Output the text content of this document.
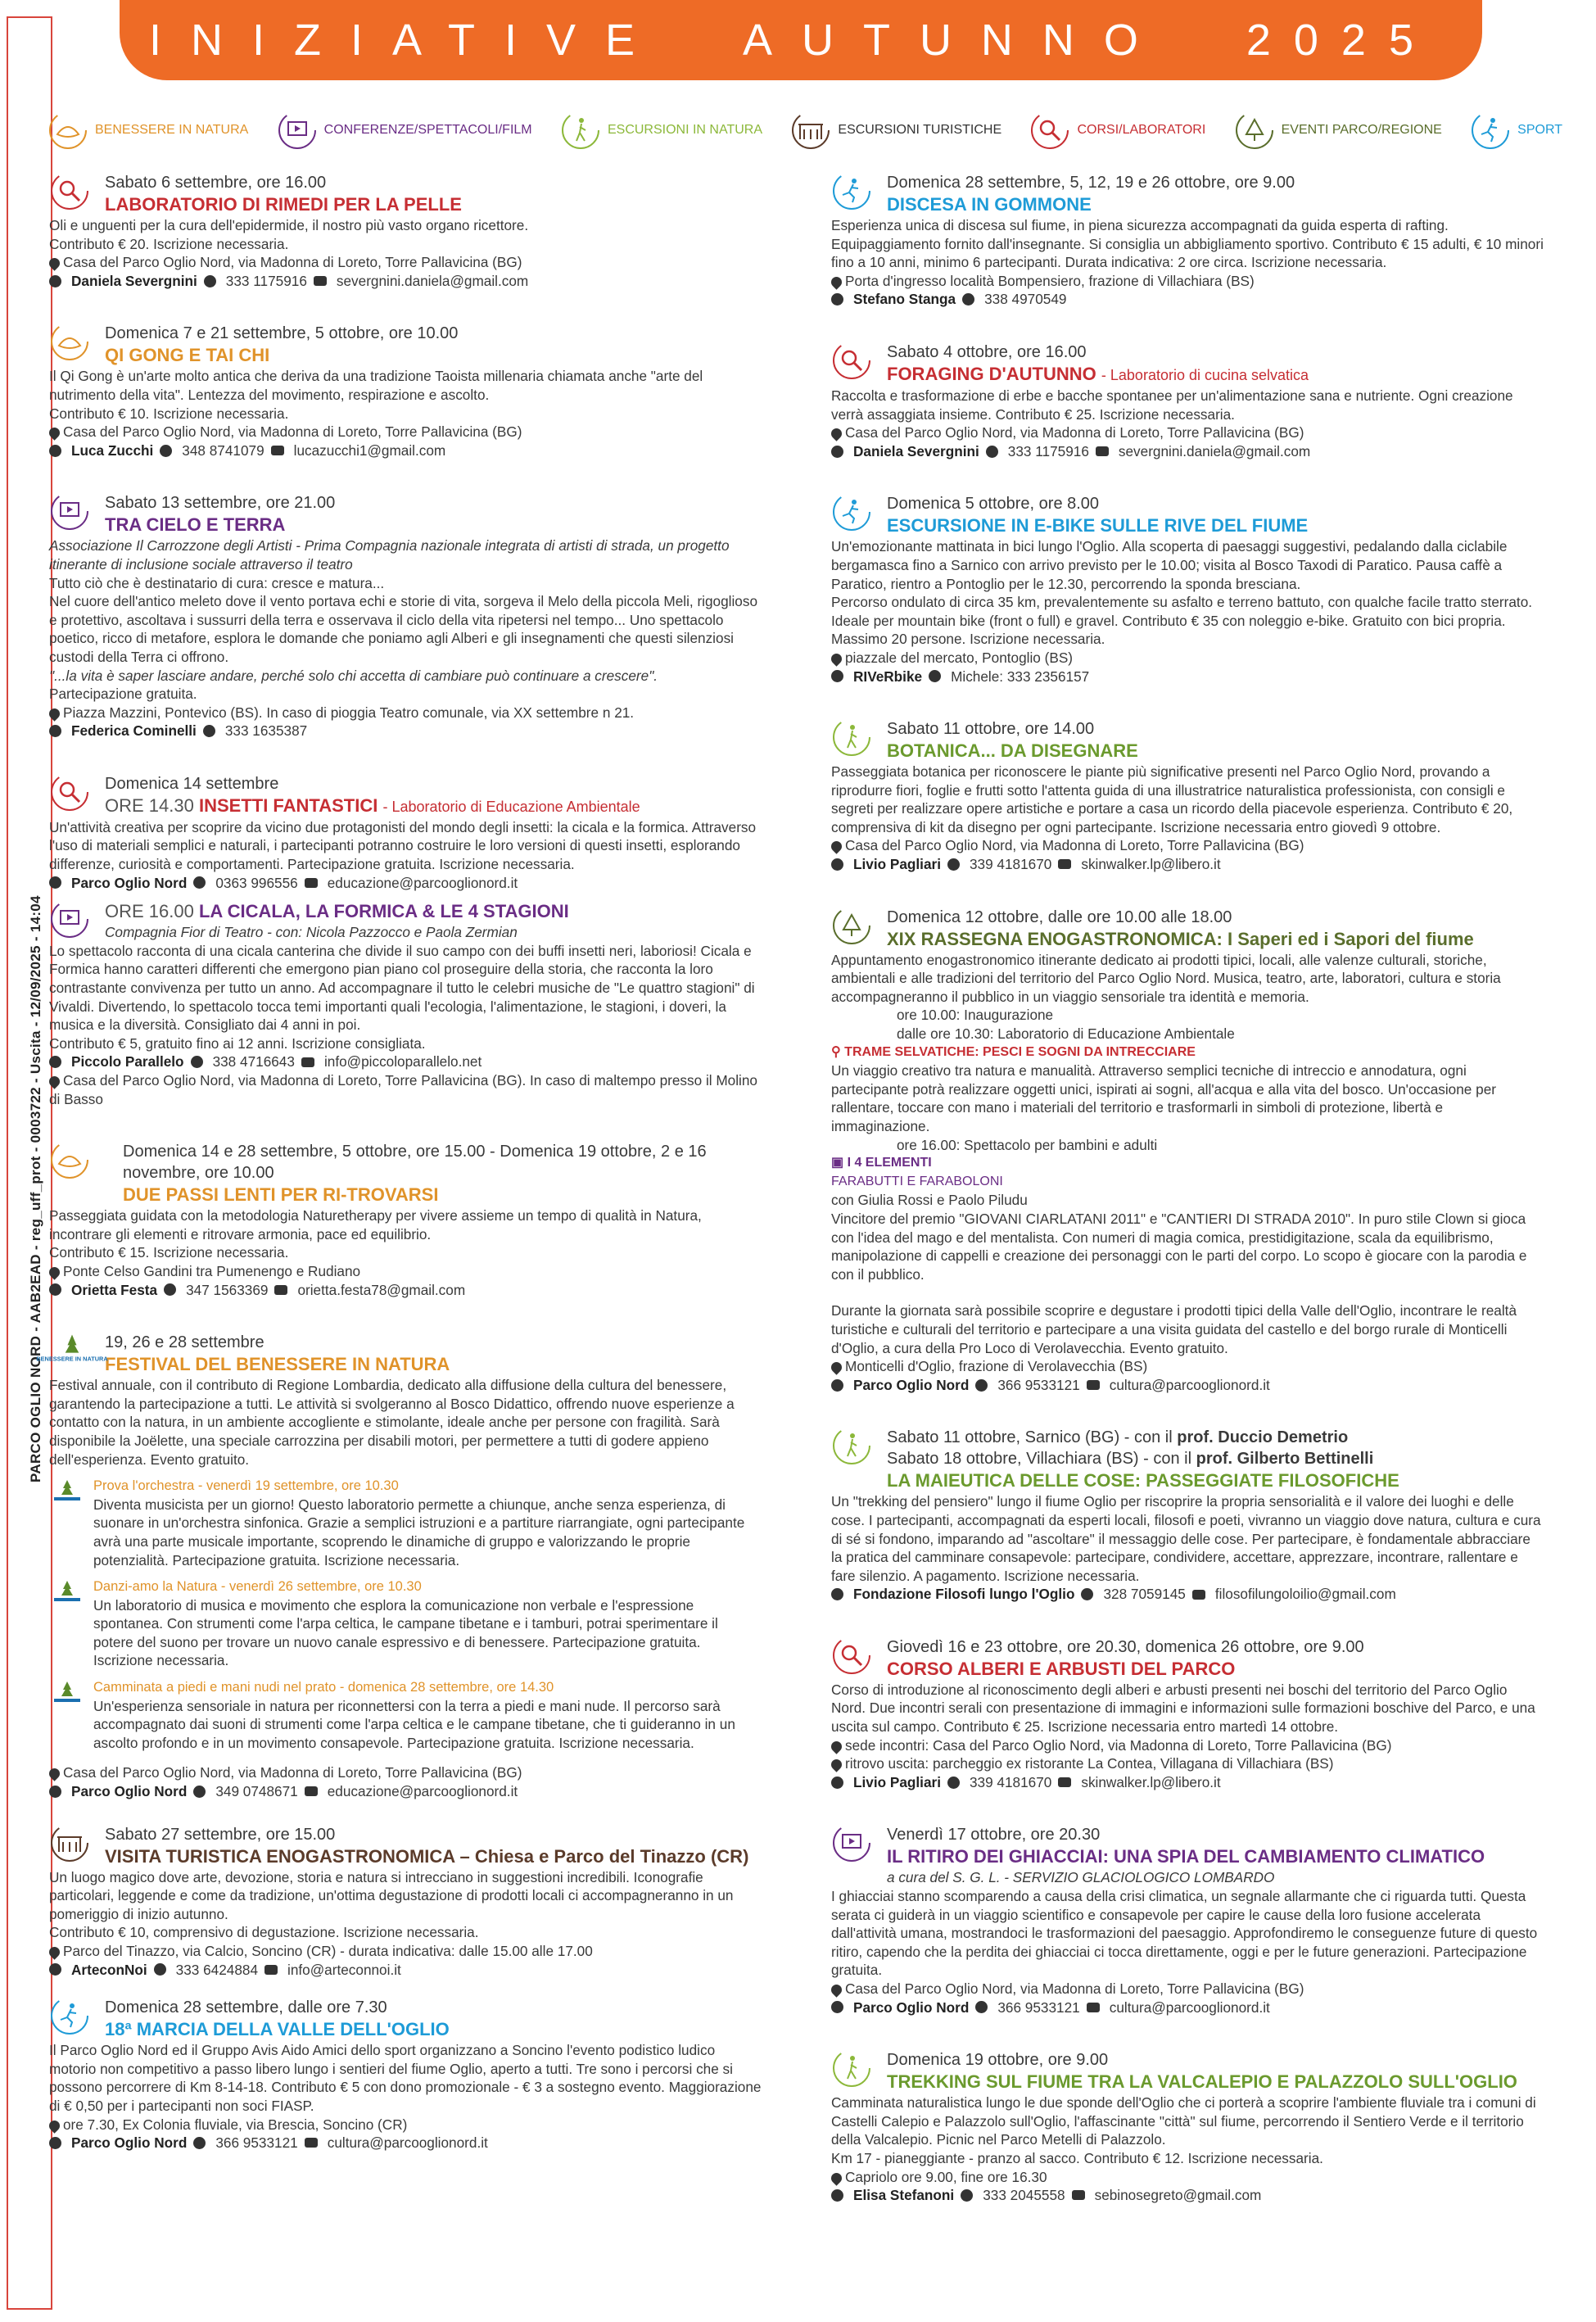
PARCO OGLIO NORD - AAB2EAD - reg_uff_prot - 0003722 - Uscita - 12/09/2025 - 14:04
INIZIATIVE AUTUNNO 2025
BENESSERE IN NATURA	CONFERENZE/SPETTACOLI/FILM	ESCURSIONI IN NATURA	ESCURSIONI TURISTICHE	CORSI/LABORATORI	EVENTI PARCO/REGIONE	SPORT
Sabato 6 settembre, ore 16.00
LABORATORIO DI RIMEDI PER LA PELLE

Oli e unguenti per la cura dell'epidermide, il nostro più vasto organo ricettore.

Contributo € 20. Iscrizione necessaria.

Casa del Parco Oglio Nord, via Madonna di Loreto, Torre Pallavicina (BG)

Daniela Severgnini 333 1175916 severgnini.daniela@gmail.com
Domenica 7 e 21 settembre, 5 ottobre, ore 10.00
QI GONG E TAI CHI

Il Qi Gong è un'arte molto antica che deriva da una tradizione Taoista millenaria chiamata anche "arte del nutrimento della vita". Lentezza del movimento, respirazione e ascolto.

Contributo € 10. Iscrizione necessaria.

Casa del Parco Oglio Nord, via Madonna di Loreto, Torre Pallavicina (BG)

Luca Zucchi 348 8741079 lucazucchi1@gmail.com
Sabato 13 settembre, ore 21.00
TRA CIELO E TERRA

Associazione Il Carrozzone degli Artisti - Prima Compagnia nazionale integrata di artisti di strada, un progetto itinerante di inclusione sociale attraverso il teatro

Tutto ciò che è destinatario di cura: cresce e matura...

Nel cuore dell'antico meleto dove il vento portava echi e storie di vita, sorgeva il Melo della piccola Meli, rigoglioso e protettivo, ascoltava i sussurri della terra e osservava il ciclo della vita ripetersi nel tempo... Uno spettacolo poetico, ricco di metafore, esplora le domande che poniamo agli Alberi e gli insegnamenti che questi silenziosi custodi della Terra ci offrono.

"...la vita è saper lasciare andare, perché solo chi accetta di cambiare può continuare a crescere".

Partecipazione gratuita.

Piazza Mazzini, Pontevico (BS). In caso di pioggia Teatro comunale, via XX settembre n 21.

Federica Cominelli 333 1635387
Domenica 14 settembre
ORE 14.30 INSETTI FANTASTICI - Laboratorio di Educazione Ambientale

Un'attività creativa per scoprire da vicino due protagonisti del mondo degli insetti: la cicala e la formica. Attraverso l'uso di materiali semplici e naturali, i partecipanti potranno costruire le loro versioni di questi insetti, esplorando differenze, curiosità e comportamenti. Partecipazione gratuita. Iscrizione necessaria.

Parco Oglio Nord 0363 996556 educazione@parcooglionord.it
ORE 16.00 LA CICALA, LA FORMICA & LE 4 STAGIONI

Compagnia Fior di Teatro - con: Nicola Pazzocco e Paola Zermian

Lo spettacolo racconta di una cicala canterina che divide il suo campo con dei buffi insetti neri, laboriosi! Cicala e Formica hanno caratteri differenti che emergono pian piano col proseguire della storia, che racconta la loro contrastante convivenza per tutto un anno. Ad accompagnare il tutto le celebri musiche de "Le quattro stagioni" di Vivaldi. Divertendo, lo spettacolo tocca temi importanti quali l'ecologia, l'alimentazione, le stagioni, i doveri, la musica e la diversità. Consigliato dai 4 anni in poi.

Contributo € 5, gratuito fino ai 12 anni. Iscrizione consigliata.

Piccolo Parallelo 338 4716643 info@piccoloparallelo.net

Casa del Parco Oglio Nord, via Madonna di Loreto, Torre Pallavicina (BG). In caso di maltempo presso il Molino di Basso

Domenica 14 e 28 settembre, 5 ottobre, ore 15.00 - Domenica 19 ottobre, 2 e 16 novembre, ore 10.00
DUE PASSI LENTI PER RI-TROVARSI

Passeggiata guidata con la metodologia Naturetherapy per vivere assieme un tempo di qualità in Natura, incontrare gli elementi e ritrovare armonia, pace ed equilibrio.

Contributo € 15. Iscrizione necessaria.

Ponte Celso Gandini tra Pumenengo e Rudiano

Orietta Festa 347 1563369 orietta.festa78@gmail.com
BENESSERE IN NATURA
19, 26 e 28 settembre
FESTIVAL DEL BENESSERE IN NATURA

Festival annuale, con il contributo di Regione Lombardia, dedicato alla diffusione della cultura del benessere, garantendo la partecipazione a tutti. Le attività si svolgeranno al Bosco Didattico, offrendo nuove esperienze a contatto con la natura, in un ambiente accogliente e stimolante, ideale anche per persone con fragilità. Sarà disponibile la Joëlette, una speciale carrozzina per disabili motori, per permettere a tutti di godere appieno dell'esperienza. Evento gratuito.

Prova l'orchestra - venerdì 19 settembre, ore 10.30

Diventa musicista per un giorno! Questo laboratorio permette a chiunque, anche senza esperienza, di suonare in un'orchestra sinfonica. Grazie a semplici istruzioni e a partiture riarrangiate, ogni partecipante avrà una parte musicale importante, scoprendo le dinamiche di gruppo e valorizzando le proprie potenzialità. Partecipazione gratuita. Iscrizione necessaria.

Danzi-amo la Natura - venerdì 26 settembre, ore 10.30

Un laboratorio di musica e movimento che esplora la comunicazione non verbale e l'espressione spontanea. Con strumenti come l'arpa celtica, le campane tibetane e i tamburi, potrai sperimentare il potere del suono per trovare un nuovo canale espressivo e di benessere. Partecipazione gratuita. Iscrizione necessaria.

Camminata a piedi e mani nudi nel prato - domenica 28 settembre, ore 14.30

Un'esperienza sensoriale in natura per riconnettersi con la terra a piedi e mani nude. Il percorso sarà accompagnato dai suoni di strumenti come l'arpa celtica e le campane tibetane, che ti guideranno in un ascolto profondo e in un movimento consapevole. Partecipazione gratuita. Iscrizione necessaria.

Casa del Parco Oglio Nord, via Madonna di Loreto, Torre Pallavicina (BG)

Parco Oglio Nord 349 0748671 educazione@parcooglionord.it
Sabato 27 settembre, ore 15.00
VISITA TURISTICA ENOGASTRONOMICA – Chiesa e Parco del Tinazzo (CR)

Un luogo magico dove arte, devozione, storia e natura si intrecciano in suggestioni incredibili. Iconografie particolari, leggende e come da tradizione, un'ottima degustazione di prodotti locali ci accompagneranno in un pomeriggio di inizio autunno.

Contributo € 10, comprensivo di degustazione. Iscrizione necessaria.

Parco del Tinazzo, via Calcio, Soncino (CR) - durata indicativa: dalle 15.00 alle 17.00

ArteconNoi 333 6424884 info@arteconnoi.it
Domenica 28 settembre, dalle ore 7.30
18ª MARCIA DELLA VALLE DELL'OGLIO

Il Parco Oglio Nord ed il Gruppo Avis Aido Amici dello sport organizzano a Soncino l'evento podistico ludico motorio non competitivo a passo libero lungo i sentieri del fiume Oglio, aperto a tutti. Tre sono i percorsi che si possono percorrere di Km 8-14-18. Contributo € 5 con dono promozionale - € 3 a sostegno evento. Maggiorazione di € 0,50 per i partecipanti non soci FIASP.

ore 7.30, Ex Colonia fluviale, via Brescia, Soncino (CR)

Parco Oglio Nord 366 9533121 cultura@parcooglionord.it
Domenica 28 settembre, 5, 12, 19 e 26 ottobre, ore 9.00
DISCESA IN GOMMONE

Esperienza unica di discesa sul fiume, in piena sicurezza accompagnati da guida esperta di rafting. Equipaggiamento fornito dall'insegnante. Si consiglia un abbigliamento sportivo. Contributo € 15 adulti, € 10 minori fino a 10 anni, minimo 6 partecipanti. Durata indicativa: 2 ore circa. Iscrizione necessaria.

Porta d'ingresso località Bompensiero, frazione di Villachiara (BS)

Stefano Stanga 338 4970549
Sabato 4 ottobre, ore 16.00
FORAGING D'AUTUNNO - Laboratorio di cucina selvatica

Raccolta e trasformazione di erbe e bacche spontanee per un'alimentazione sana e nutriente. Ogni creazione verrà assaggiata insieme. Contributo € 25. Iscrizione necessaria.

Casa del Parco Oglio Nord, via Madonna di Loreto, Torre Pallavicina (BG)

Daniela Severgnini 333 1175916 severgnini.daniela@gmail.com
Domenica 5 ottobre, ore 8.00
ESCURSIONE IN E-BIKE SULLE RIVE DEL FIUME

Un'emozionante mattinata in bici lungo l'Oglio. Alla scoperta di paesaggi suggestivi, pedalando dalla ciclabile bergamasca fino a Sarnico con arrivo previsto per le 10.00; visita al Bosco Taxodi di Paratico. Pausa caffè a Paratico, rientro a Pontoglio per le 12.30, percorrendo la sponda bresciana.

Percorso ondulato di circa 35 km, prevalentemente su asfalto e terreno battuto, con qualche facile tratto sterrato. Ideale per mountain bike (front o full) e gravel. Contributo € 35 con noleggio e-bike. Gratuito con bici propria. Massimo 20 persone. Iscrizione necessaria.

piazzale del mercato, Pontoglio (BS)

RIVeRbike Michele: 333 2356157
Sabato 11 ottobre, ore 14.00
BOTANICA... DA DISEGNARE

Passeggiata botanica per riconoscere le piante più significative presenti nel Parco Oglio Nord, provando a riprodurre fiori, foglie e frutti sotto l'attenta guida di una illustratrice naturalistica professionista, con consigli e segreti per realizzare opere artistiche e portare a casa un ricordo della piacevole esperienza. Contributo € 20, comprensiva di kit da disegno per ogni partecipante. Iscrizione necessaria entro giovedì 9 ottobre.

Casa del Parco Oglio Nord, via Madonna di Loreto, Torre Pallavicina (BG)

Livio Pagliari 339 4181670 skinwalker.lp@libero.it
Domenica 12 ottobre, dalle ore 10.00 alle 18.00
XIX RASSEGNA ENOGASTRONOMICA: I Saperi ed i Sapori del fiume

Appuntamento enogastronomico itinerante dedicato ai prodotti tipici, locali, alle valenze culturali, storiche, ambientali e alle tradizioni del territorio del Parco Oglio Nord. Musica, teatro, arte, laboratori, cultura e storia accompagneranno il pubblico in un viaggio sensoriale tra identità e memoria.

ore 10.00: Inaugurazione

dalle ore 10.30: Laboratorio di Educazione Ambientale

⚲ TRAME SELVATICHE: PESCI E SOGNI DA INTRECCIARE

Un viaggio creativo tra natura e manualità. Attraverso semplici tecniche di intreccio e annodatura, ogni partecipante potrà realizzare oggetti unici, ispirati ai sogni, all'acqua e alla vita del bosco. Un'occasione per rallentare, toccare con mano i materiali del territorio e trasformarli in simboli di protezione, libertà e immaginazione.

ore 16.00: Spettacolo per bambini e adulti

▣ I 4 ELEMENTI

FARABUTTI E FARABOLONI

con Giulia Rossi e Paolo Piludu

Vincitore del premio "GIOVANI CIARLATANI 2011" e "CANTIERI DI STRADA 2010". In puro stile Clown si gioca con l'idea del mago e del mentalista. Con numeri di magia comica, prestidigitazione, scala da equilibrismo, manipolazione di cappelli e creazione dei personaggi con le parti del corpo. Lo scopo è giocare con la parodia e con il pubblico.

Durante la giornata sarà possibile scoprire e degustare i prodotti tipici della Valle dell'Oglio, incontrare le realtà turistiche e culturali del territorio e partecipare a una visita guidata del castello e del borgo rurale di Monticelli d'Oglio, a cura della Pro Loco di Verolavecchia. Evento gratuito.

Monticelli d'Oglio, frazione di Verolavecchia (BS)

Parco Oglio Nord 366 9533121 cultura@parcooglionord.it
Sabato 11 ottobre, Sarnico (BG) - con il prof. Duccio Demetrio
Sabato 18 ottobre, Villachiara (BS) - con il prof. Gilberto Bettinelli
LA MAIEUTICA DELLE COSE: PASSEGGIATE FILOSOFICHE

Un "trekking del pensiero" lungo il fiume Oglio per riscoprire la propria sensorialità e il valore dei luoghi e delle cose. I partecipanti, accompagnati da esperti locali, filosofi e poeti, vivranno un viaggio dove natura, cultura e cura di sé si fondono, imparando ad "ascoltare" il messaggio delle cose. Per partecipare, è fondamentale abbracciare la pratica del camminare consapevole: partecipare, condividere, accettare, apprezzare, incontrare, rallentare e fare silenzio. A pagamento. Iscrizione necessaria.

Fondazione Filosofi lungo l'Oglio 328 7059145 filosofilungoloilio@gmail.com
Giovedì 16 e 23 ottobre, ore 20.30, domenica 26 ottobre, ore 9.00
CORSO ALBERI E ARBUSTI DEL PARCO

Corso di introduzione al riconoscimento degli alberi e arbusti presenti nei boschi del territorio del Parco Oglio Nord. Due incontri serali con presentazione di immagini e informazioni sulle formazioni boschive del Parco, e una uscita sul campo. Contributo € 25. Iscrizione necessaria entro martedì 14 ottobre.

sede incontri: Casa del Parco Oglio Nord, via Madonna di Loreto, Torre Pallavicina (BG)

ritrovo uscita: parcheggio ex ristorante La Contea, Villagana di Villachiara (BS)

Livio Pagliari 339 4181670 skinwalker.lp@libero.it
Venerdì 17 ottobre, ore 20.30
IL RITIRO DEI GHIACCIAI: UNA SPIA DEL CAMBIAMENTO CLIMATICO

a cura del S. G. L. - SERVIZIO GLACIOLOGICO LOMBARDO

I ghiacciai stanno scomparendo a causa della crisi climatica, un segnale allarmante che ci riguarda tutti. Questa serata ci guiderà in un viaggio scientifico e consapevole per capire le cause della loro fusione accelerata dall'attività umana, mostrandoci le trasformazioni del paesaggio. Approfondiremo le conseguenze future di questo ritiro, capendo che la perdita dei ghiacciai ci tocca direttamente, oggi e per le future generazioni. Partecipazione gratuita.

Casa del Parco Oglio Nord, via Madonna di Loreto, Torre Pallavicina (BG)

Parco Oglio Nord 366 9533121 cultura@parcooglionord.it
Domenica 19 ottobre, ore 9.00
TREKKING SUL FIUME TRA LA VALCALEPIO E PALAZZOLO SULL'OGLIO

Camminata naturalistica lungo le due sponde dell'Oglio che ci porterà a scoprire l'ambiente fluviale tra i comuni di Castelli Calepio e Palazzolo sull'Oglio, l'affascinante "città" sul fiume, percorrendo il Sentiero Verde e il territorio della Valcalepio. Picnic nel Parco Metelli di Palazzolo.

Km 17 - pianeggiante - pranzo al sacco. Contributo € 12. Iscrizione necessaria.

Capriolo ore 9.00, fine ore 16.30

Elisa Stefanoni 333 2045558 sebinosegreto@gmail.com
